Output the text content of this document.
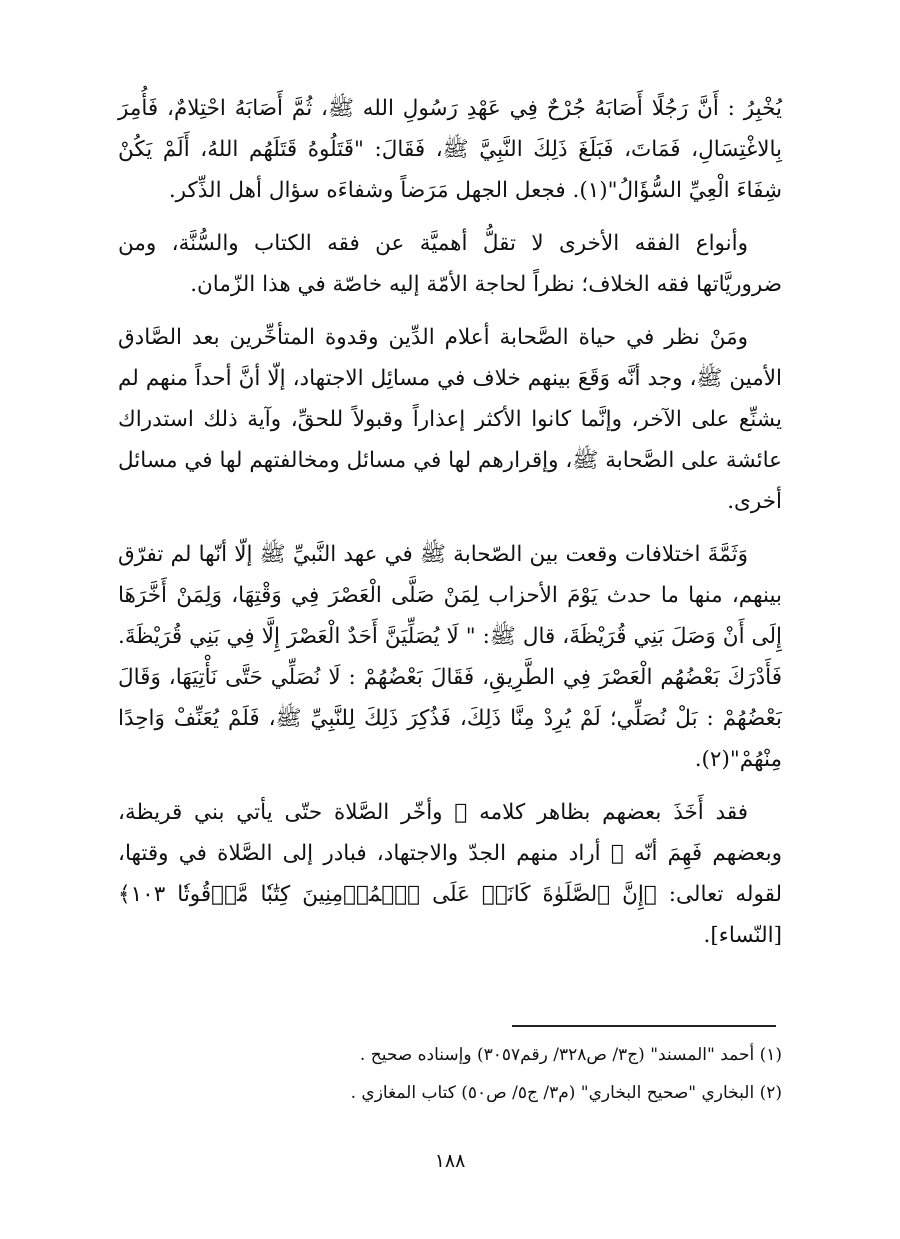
يُخْبِرُ : أَنَّ رَجُلًا أَصَابَهُ جُرْحٌ فِي عَهْدِ رَسُولِ الله ﷺ، ثُمَّ أَصَابَهُ احْتِلامٌ، فَأُمِرَ بِالاغْتِسَالِ، فَمَاتَ، فَبَلَغَ ذَلِكَ النَّبِيَّ ﷺ، فَقَالَ: "قَتَلُوهُ قَتَلَهُم اللهُ، أَلَمْ يَكُنْ شِفَاءَ الْعِيِّ السُّؤَالُ"(١). فجعل الجهل مَرَضاً وشفاءَه سؤال أهل الذِّكر.

وأنواع الفقه الأخرى لا تقلُّ أهميَّة عن فقه الكتاب والسُّنَّة، ومن ضروريَّاتها فقه الخلاف؛ نظراً لحاجة الأمّة إليه خاصّة في هذا الزّمان.

ومَنْ نظر في حياة الصَّحابة أعلام الدِّين وقدوة المتأخِّرين بعد الصَّادق الأمين ﷺ، وجد أنَّه وَقَعَ بينهم خلاف في مسائِل الاجتهاد، إلّا أنَّ أحداً منهم لم يشنِّع على الآخر، وإنَّما كانوا الأكثر إعذاراً وقبولاً للحقِّ، وآية ذلك استدراك عائشة على الصَّحابة ﷺ، وإقرارهم لها في مسائل ومخالفتهم لها في مسائل أخرى.

وَثَمَّةَ اختلافات وقعت بين الصّحابة ﷺ في عهد النَّبيِّ ﷺ إلّا أنّها لم تفرّق بينهم، منها ما حدث يَوْمَ الأحزاب لِمَنْ صَلَّى الْعَصْرَ فِي وَقْتِهَا، وَلِمَنْ أَخَّرَهَا إِلَى أَنْ وَصَلَ بَنِي قُرَيْظَةَ، قال ﷺ: " لَا يُصَلِّيَنَّ أَحَدٌ الْعَصْرَ إِلَّا فِي بَنِي قُرَيْظَةَ. فَأَدْرَكَ بَعْضُهُم الْعَصْرَ فِي الطَّرِيقِ، فَقَالَ بَعْضُهُمْ : لَا نُصَلِّي حَتَّى نَأْتِيَهَا، وَقَالَ بَعْضُهُمْ : بَلْ نُصَلِّي؛ لَمْ يُرِدْ مِنَّا ذَلِكَ، فَذُكِرَ ذَلِكَ لِلنَّبِيِّ ﷺ، فَلَمْ يُعَنِّفْ وَاحِدًا مِنْهُمْ"(٢).

فقد أَخَذَ بعضهم بظاهر كلامه ﷺ وأخّر الصَّلاة حتّى يأتي بني قريظة، وبعضهم فَهِمَ أنّه ﷺ أراد منهم الجدّ والاجتهاد، فبادر إلى الصَّلاة في وقتها، لقوله تعالى: ﴿إِنَّ ٱلصَّلَوٰةَ كَانَتۡ عَلَى ٱلۡمُؤۡمِنِينَ كِتَٰبٗا مَّوۡقُوتٗا ١٠٣﴾ [النّساء].

(١) أحمد "المسند" (ج٣/ ص٣٢٨/ رقم٣٠٥٧) وإسناده صحيح .

(٢) البخاري "صحيح البخاري" (م٣/ ج٥/ ص٥٠) كتاب المغازي .

١٨٨
